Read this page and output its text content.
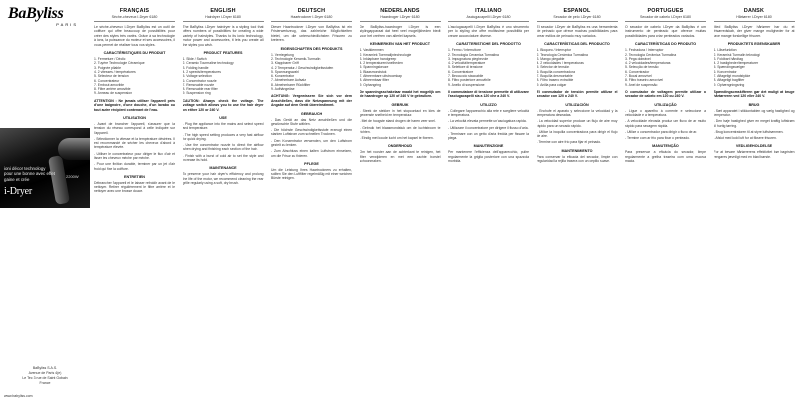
BaByliss
PARIS
ioni décor technology
pour une bonne avec effet
gaine et crée
2200W
i-Dryer
BaByliss S.A.S.
Avenue de Paris 4(e)
Le Tec 3 rue de Saint Gobain
France
www.babyliss.com
FRANÇAIS
Sèche-cheveux I-Dryer 6180
Le sèche-cheveux I-Dryer BaByliss est un outil de coiffure qui offre beaucoup de possibilités pour créer des styles très variés. Grâce à sa technologie à ions, la puissance du moteur et ses accessoires, il vous permet de réaliser tous vos styles.
CARACTÉRISTIQUES DU PRODUIT
1. Fermeture / Déclic
2. Tuyère Technologie Céramique
3. Poignée pliable
4. 2 vitesses / températures
5. Sélecteur de tension
6. Concentrateur
7. Embout amovible
8. Filtre arrière amovible
9. Anneau de suspension
ATTENTION : Ne jamais utiliser l'appareil près d'une baignoire, d'une douche, d'un lavabo ou tout autre récipient contenant de l'eau.
UTILISATION

- Avant de brancher l'appareil, s'assurer que la tension du réseau correspond à celle indiquée sur l'appareil.

- Sélectionner la vitesse et la température désirées. Il est recommandé de sécher les cheveux d'abord à température élevée.

- Utiliser le concentrateur pour diriger le flux d'air et lisser les cheveux mèche par mèche.

- Pour une finition durable, terminer par un jet d'air froid qui fixe la coiffure.

ENTRETIEN
Débrancher l'appareil et le laisser refroidir avant de le nettoyer. Retirer régulièrement le filtre arrière et le nettoyer avec une brosse douce.
ENGLISH
Hairdryer I-Dryer 6180
The BaByliss i-Dryer hairdryer is a styling tool that offers numbers of possibilities for creating a wide variety of hairstyles. Thanks to its ionic technology, motor power and accessories, it lets you create all the styles you wish.
PRODUCT FEATURES
1. Slide / Switch
2. Ceramic Tourmaline technology
3. Folding handle
4. 2 speeds/temperatures
5. Voltage selection
6. Concentrator nozzle
7. Removable nozzle
8. Removable rear filter
9. Suspension ring
CAUTION: Always check the voltage. The voltage switch allows you to use the hair dryer on either 120 or 240 V.
USE

- Plug the appliance into the mains and select speed and temperature.

- The high speed setting produces a very fast airflow for quick drying.

- Use the concentrator nozzle to direct the airflow when drying and finishing each section of the hair.

- Finish with a burst of cold air to set the style and increase its hold.

MAINTENANCE
To preserve your hair dryer's efficiency and prolong the life of the motor, we recommend cleaning the rear grille regularly using a soft, dry brush.
DEUTSCH
Haartrockner I-Dryer 6180
Dieser Haartrockner I-Dryer von BaByliss ist ein Frisierwerkzeug, das zahlreiche Möglichkeiten bietet, um die unterschiedlichsten Frisuren zu kreieren.
EIGENSCHAFTEN DES PRODUKTS
1. Verriegelung
2. Technologie Keramik-Turmalin
3. Klappbarer Griff
4. 2 Temperatur-/ Geschwindigkeitsstufen
5. Spannungswahl
6. Konzentrator
7. Abnehmbare Aufsatz
8. Abnehmbarer Rückfilter
9. Aufhängeöse
ACHTUNG: Vergewissern Sie sich vor dem Anschließen, dass die Netzspannung mit der Angabe auf dem Gerät übereinstimmt.
GEBRAUCH

- Das Gerät an das Netz anschließen und die gewünschte Stufe wählen.

- Die höchste Geschwindigkeitsstufe erzeugt einen starken Luftstrom zum schnellen Trocknen.

- Den Konzentrator verwenden, um den Luftstrom gezielt zu lenken.

- Zum Abschluss einen kalten Luftstrom einsetzen, um die Frisur zu fixieren.

PFLEGE
Um die Leistung Ihres Haartrockners zu erhalten, sollten Sie den Luftfilter regelmäßig mit einer weichen Bürste reinigen.
NEDERLANDS
Haardroger I-Dryer 6180
De BaByliss-haardroger i-Dryer is een stylingapparaat dat heel veel mogelijkheden biedt voor het creëren van allerlei kapsels.
KENMERKEN VAN HET PRODUCT
1. Vastklemmen
2. Keramiek Toermalijntechnologie
3. Inklapbare handgreep
4. 2 temperaturen/snelheden
5. Spanningskeuze
6. Blaasmondstuk
7. Afneembare uitstroomkap
8. Afneembaar filter
9. Ophangring
De spanningsschakelaar maakt het mogelijk om de haardroger op 120 of 240 V te gebruiken.
GEBRUIK

- Steek de stekker in het stopcontact en kies de gewenste snelheid en temperatuur.

- Met de hoogste stand drogen de haren zeer snel.

- Gebruik het blaasmondstuk om de luchtstroom te richten.

- Eindig met koude lucht om het kapsel te fixeren.

ONDERHOUD
Om het rooster aan de achterkant te reinigen, het filter verwijderen en met een zachte borstel schoonmaken.
ITALIANO
Asciugacapelli I-Dryer 6180
L'asciugacapelli I-Dryer BaByliss è uno strumento per lo styling che offre moltissime possibilità per creare acconciature diverse.
CARATTERISTICHE DEL PRODOTTO
1. Fermo / Interruttore
2. Tecnologia Ceramica Tormalina
3. Impugnatura pieghevole
4. 2 velocità/temperature
5. Selettore di tensione
6. Concentratore
7. Beccuccio staccabile
8. Filtro posteriore amovibile
9. Anello di sospensione
Il commutatore di tensione permette di utilizzare l'asciugacapelli sia a 120 che a 240 V.
UTILIZZO

- Collegare l'apparecchio alla rete e scegliere velocità e temperatura.

- La velocità elevata permette un'asciugatura rapida.

- Utilizzare il concentratore per dirigere il flusso d'aria.

- Terminare con un getto d'aria fredda per fissare la piega.

MANUTENZIONE
Per mantenere l'efficienza dell'apparecchio, pulire regolarmente la griglia posteriore con una spazzola morbida.
ESPAÑOL
Secador de pelo I-Dryer 6180
El secador I-Dryer de BaByliss es una herramienta de peinado que ofrece muchas posibilidades para crear estilos de peinado muy variados.
CARACTERÍSTICAS DEL PRODUCTO
1. Bloqueo / Interruptor
2. Tecnología Cerámica Turmalina
3. Mango plegable
4. 2 velocidades / temperaturas
5. Selector de tensión
6. Boquilla concentradora
7. Boquilla desmontable
8. Filtro trasero extraíble
9. Anilla para colgar
El conmutador de tensión permite utilizar el secador con 120 o 240 V.
UTILIZACIÓN

- Enchufe el aparato y seleccione la velocidad y la temperatura deseadas.

- La velocidad superior produce un flujo de aire muy rápido para un secado rápido.

- Utilice la boquilla concentradora para dirigir el flujo de aire.

- Termine con aire frío para fijar el peinado.

MANTENIMIENTO
Para conservar la eficacia del secador, limpie con regularidad la rejilla trasera con un cepillo suave.
PORTUGUÊS
Secador de cabelo I-Dryer 6180
O secador de cabelo I-Dryer da BaByliss é um instrumento de penteado que oferece muitas possibilidades para criar penteados variados.
CARACTERÍSTICAS DO PRODUTO
1. Fechadura / Interruptor
2. Tecnologia Cerâmica Turmalina
3. Pega dobrável
4. 2 velocidades/temperaturas
5. Selecção de tensão
6. Concentrador
7. Bocal amovível
8. Filtro traseiro amovível
9. Anel de suspensão
O comutador de voltagem permite utilizar o secador de cabelo em 120 ou 240 V.
UTILIZAÇÃO

- Ligue o aparelho à corrente e seleccione a velocidade e a temperatura.

- A velocidade elevada produz um fluxo de ar muito rápido para secagem rápida.

- Utilize o concentrador para dirigir o fluxo de ar.

- Termine com ar frio para fixar o penteado.

MANUTENÇÃO
Para preservar a eficácia do secador, limpe regularmente a grelha traseira com uma escova macia.
DANSK
Hårtørrer I-Dryer 6180
Med BaByliss i-Dryer hårtørrer har du et frisørredskab, der giver mange muligheder for at lave mange forskellige frisurer.
PRODUKTETS EGENSKABER
1. Låsefunktion
2. Keramisk Turmalin teknologi
3. Foldbart håndtag
4. 2 hastigheder/temperaturer
5. Spændingsvælger
6. Koncentrator
7. Aftageligt mundstykke
8. Aftageligt bagfilter
9. Ophængningsring
Spændingsomskifteren gør det muligt at bruge hårtørreren ved 120 eller 240 V.
BRUG

- Sæt apparatet i stikkontakten og vælg hastighed og temperatur.

- Den høje hastighed giver en meget kraftig luftstrøm til hurtig tørring.

- Brug koncentratoren til at styre luftstrømmen.

- Afslut med kold luft for at fiksere frisuren.

VEDLIGEHOLDELSE
For at bevare hårtørrerens effektivitet bør bagristen rengøres jævnligt med en blød børste.
